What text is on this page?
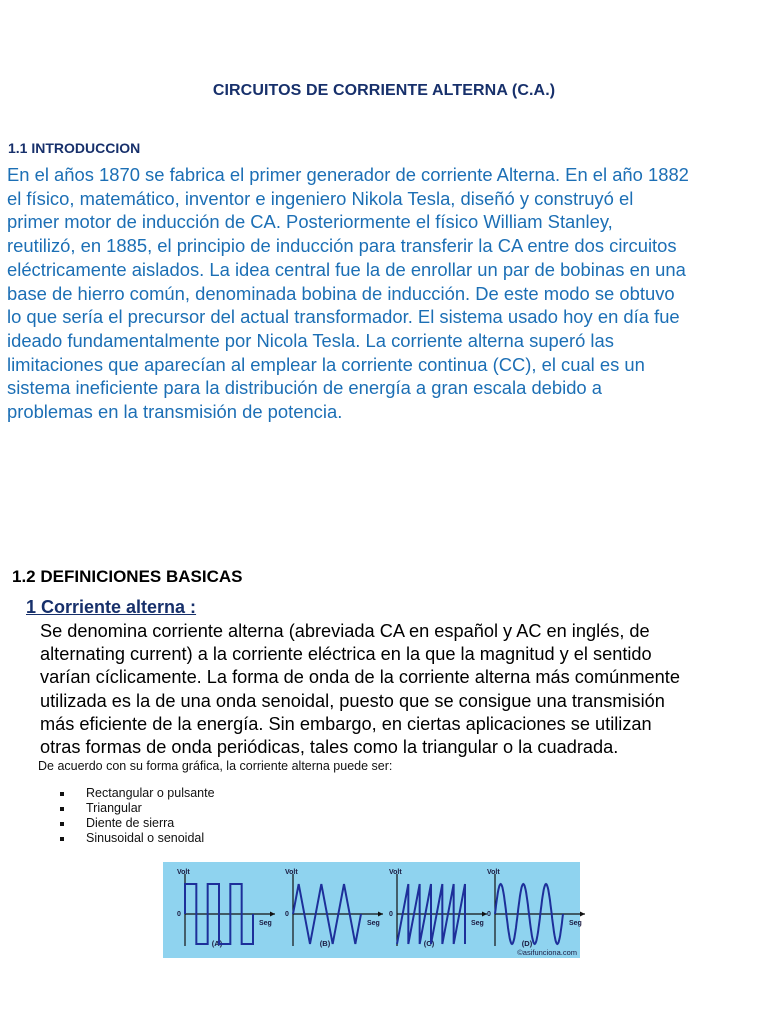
CIRCUITOS DE CORRIENTE ALTERNA (C.A.)
1.1 INTRODUCCION
En el años 1870 se fabrica el primer generador de corriente Alterna. En el año 1882
el físico, matemático, inventor e ingeniero Nikola Tesla, diseñó y construyó el
primer motor de inducción de CA. Posteriormente el físico William Stanley,
reutilizó, en 1885, el principio de inducción para transferir la CA entre dos circuitos
eléctricamente aislados. La idea central fue la de enrollar un par de bobinas en una
base de hierro común, denominada bobina de inducción. De este modo se obtuvo
lo que sería el precursor del actual transformador. El sistema usado hoy en día fue
ideado fundamentalmente por Nicola Tesla. La corriente alterna superó las
limitaciones que aparecían al emplear la corriente continua (CC), el cual es un
sistema ineficiente para la distribución de energía a gran escala debido a
problemas en la transmisión de potencia.
1.2 DEFINICIONES BASICAS
1 Corriente alterna :
Se denomina corriente alterna (abreviada CA en español y AC en inglés, de
alternating current) a la corriente eléctrica en la que la magnitud y el sentido
varían cíclicamente. La forma de onda de la corriente alterna más comúnmente
utilizada es la de una onda senoidal, puesto que se consigue una transmisión
más eficiente de la energía. Sin embargo, en ciertas aplicaciones se utilizan
otras formas de onda periódicas, tales como la triangular o la cuadrada.
De acuerdo con su forma gráfica, la corriente alterna puede ser:
Rectangular o pulsante
Triangular
Diente de sierra
Sinusoidal o senoidal
Volt
Seg
0
(A)
Volt
Seg
0
(B)
Volt
Seg
0
(C)
Volt
Seg
0
(D)
©asifunciona.com
